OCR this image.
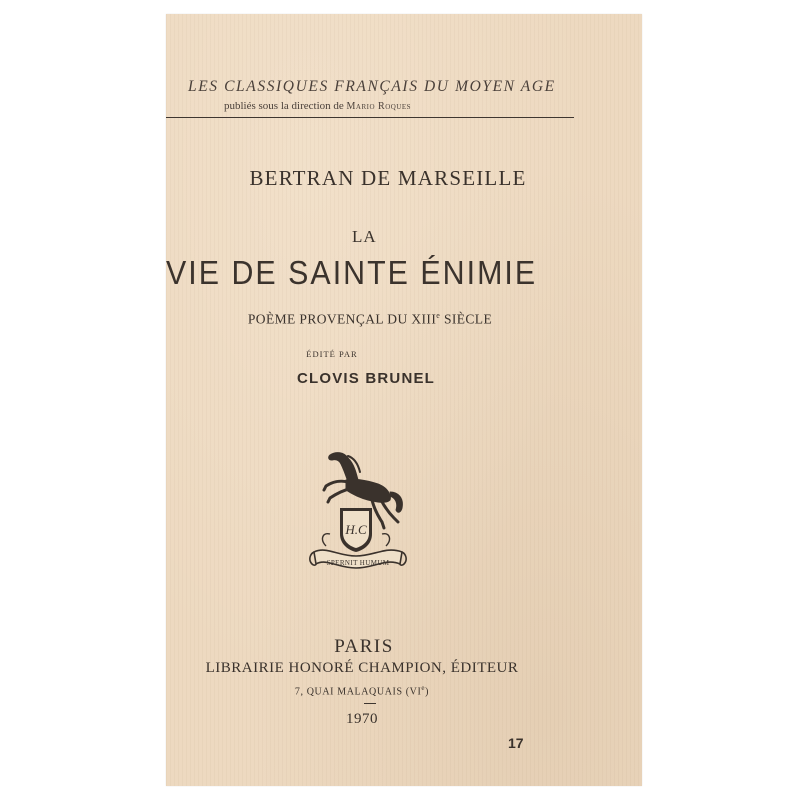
LES CLASSIQUES FRANÇAIS DU MOYEN AGE
publiés sous la direction de Mario Roques
BERTRAN DE MARSEILLE
LA
VIE DE SAINTE ÉNIMIE
POÈME PROVENÇAL DU XIIIe SIÈCLE
ÉDITÉ PAR
CLOVIS BRUNEL
H.C
SPERNIT HUMUM
PARIS
LIBRAIRIE HONORÉ CHAMPION, ÉDITEUR
7, QUAI MALAQUAIS (VIe)
1970
17
